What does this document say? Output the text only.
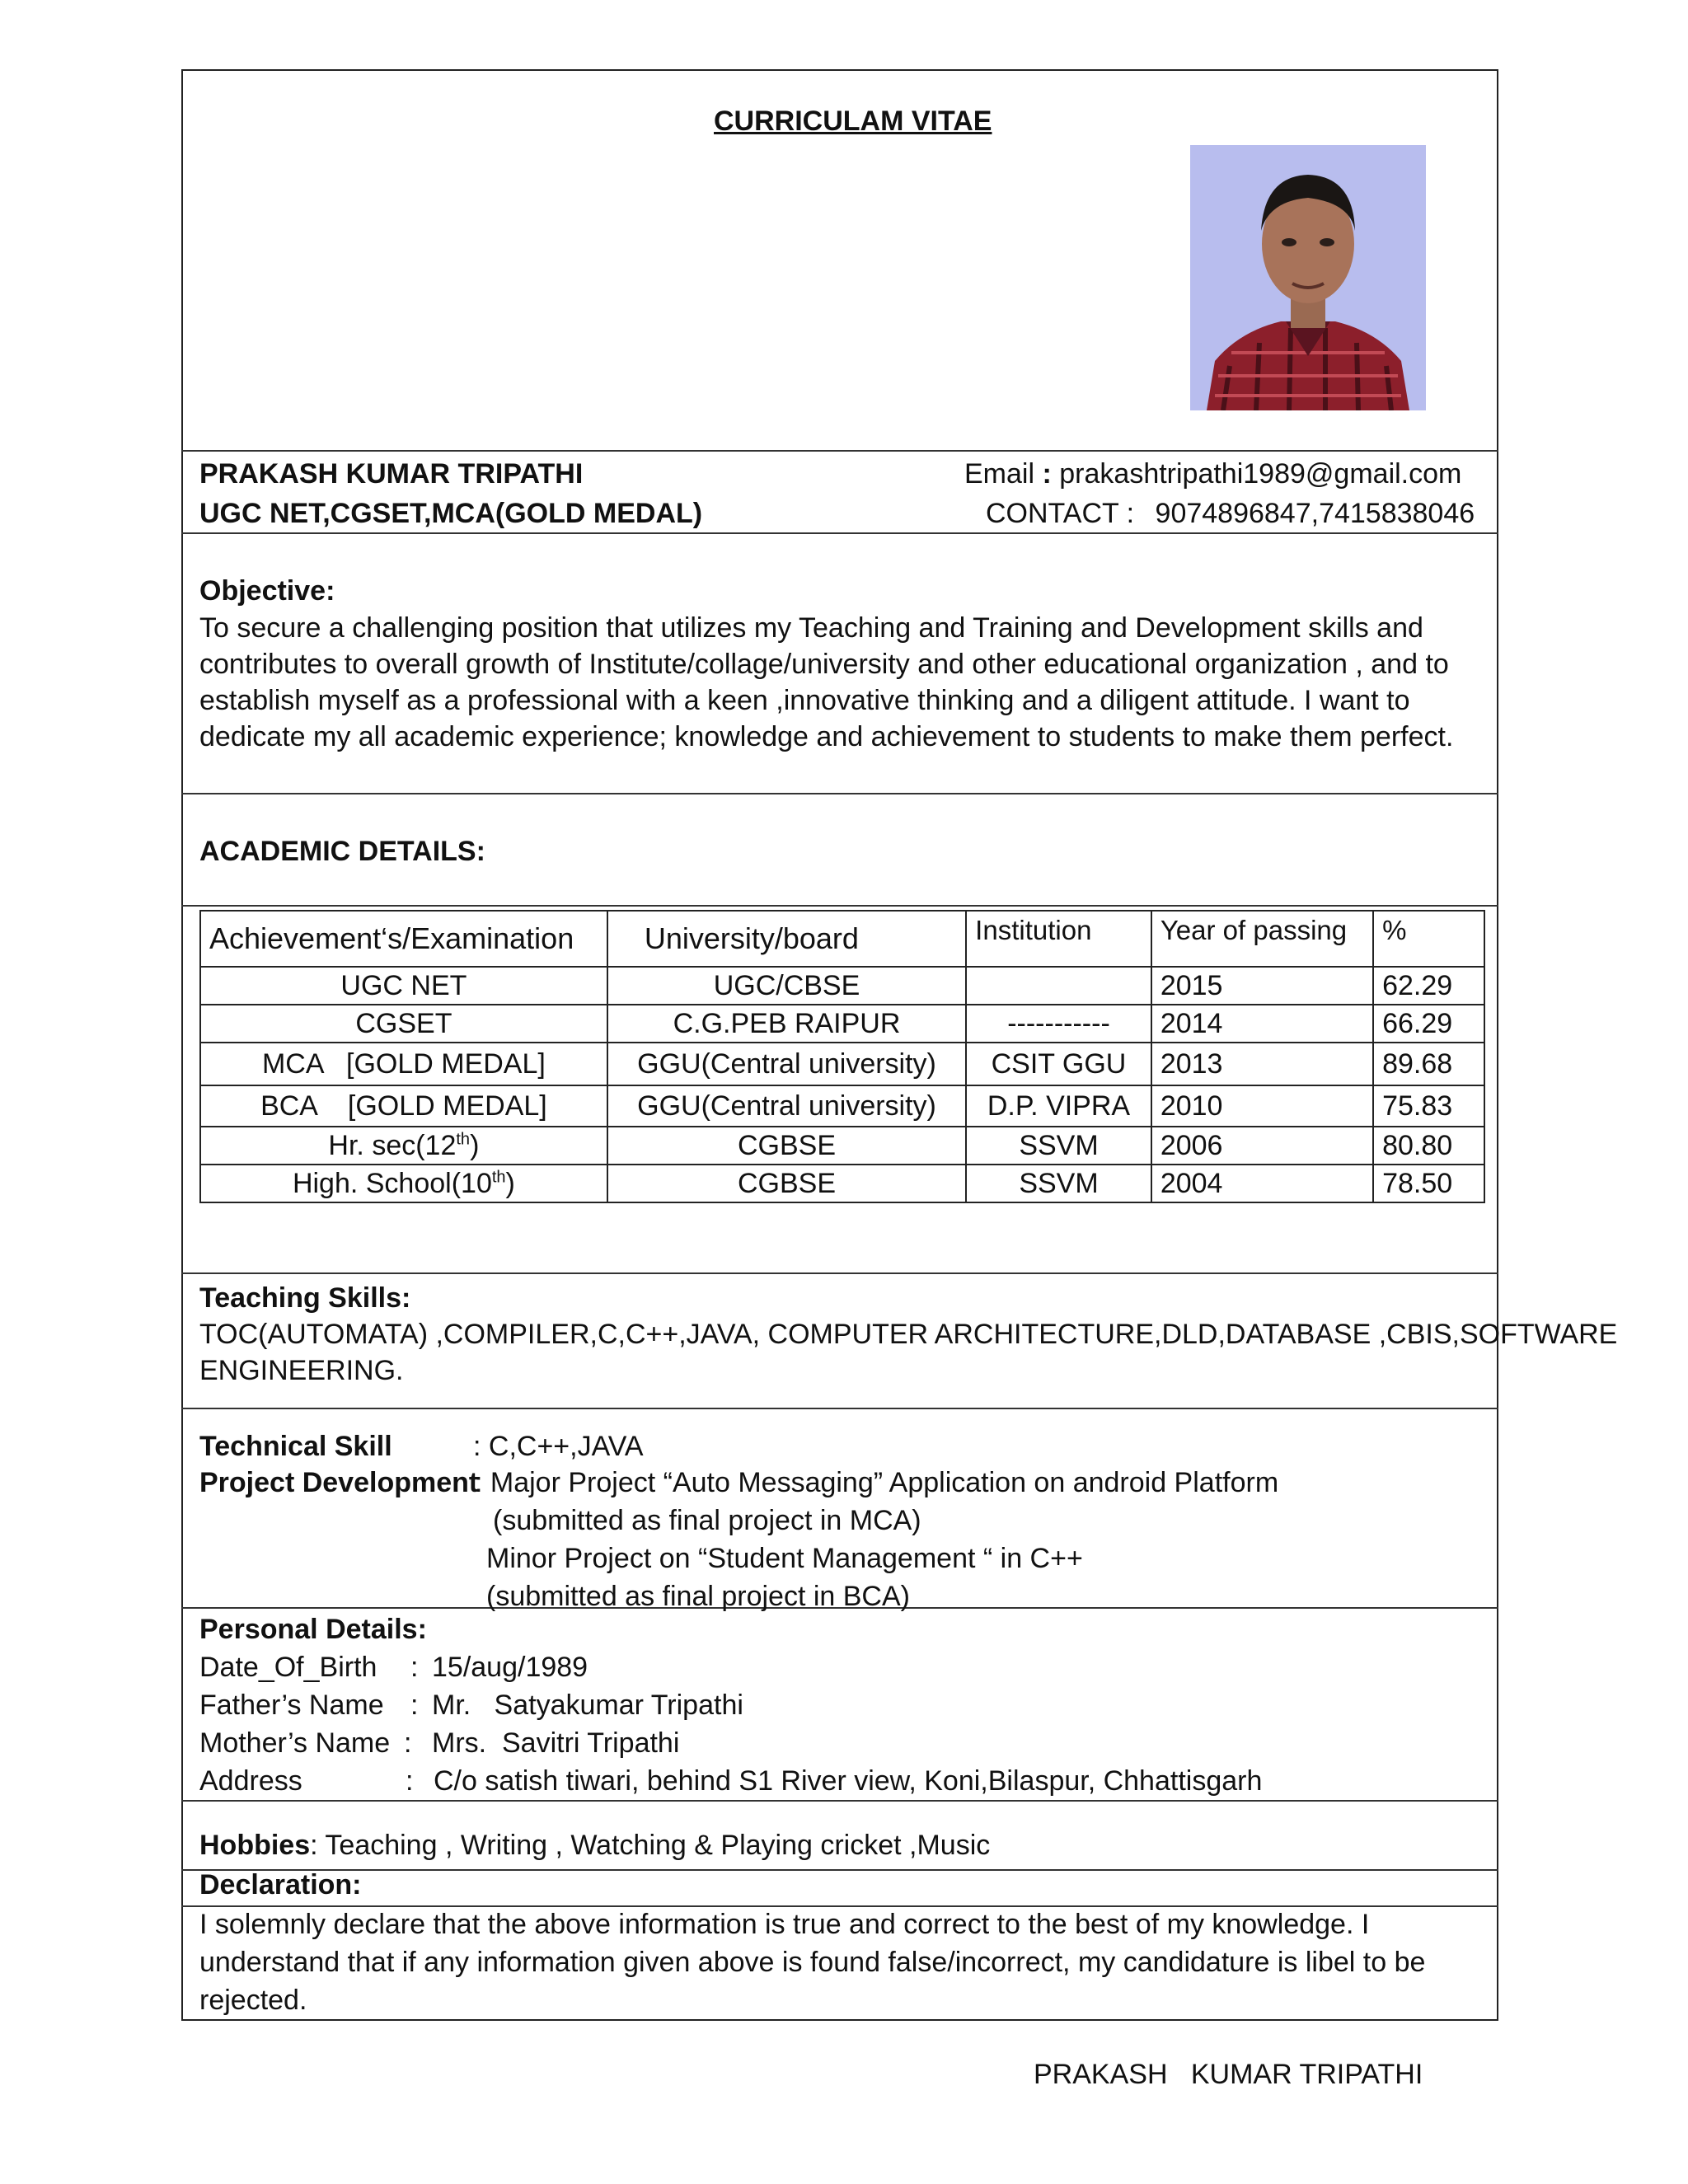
CURRICULAM VITAE
PRAKASH KUMAR TRIPATHI
UGC NET,CGSET,MCA(GOLD MEDAL)
Email : prakashtripathi1989@gmail.com
CONTACT : 9074896847,7415838046
Objective:
To secure a challenging position that utilizes my Teaching and Training and Development skills and
contributes to overall growth of Institute/collage/university and other educational organization , and to
establish myself as a professional with a keen ,innovative thinking and a diligent attitude. I want to
dedicate my all academic experience; knowledge and achievement to students to make them perfect.
ACADEMIC DETAILS:
Achievement‘s/Examination	University/board	Institution	Year of passing	%
UGC NET	UGC/CBSE		2015	62.29
CGSET	C.G.PEB RAIPUR	-----------	2014	66.29
MCA   [GOLD MEDAL]	GGU(Central university)	CSIT GGU	2013	89.68
BCA    [GOLD MEDAL]	GGU(Central university)	D.P. VIPRA	2010	75.83
Hr. sec(12th)	CGBSE	SSVM	2006	80.80
High. School(10th)	CGBSE	SSVM	2004	78.50
Teaching Skills:
TOC(AUTOMATA) ,COMPILER,C,C++,JAVA, COMPUTER ARCHITECTURE,DLD,DATABASE ,CBIS,SOFTWARE
ENGINEERING.
Technical Skill	: C,C++,JAVA
Project Development
: Major Project “Auto Messaging” Application on android Platform
(submitted as final project in MCA)
Minor Project on “Student Management “ in C++
(submitted as final project in BCA)
Personal Details:
Date_Of_Birth : 15/aug/1989
Father’s Name : Mr.   Satyakumar Tripathi
Mother’s Name : Mrs.  Savitri Tripathi
Address	: C/o satish tiwari, behind S1 River view, Koni,Bilaspur, Chhattisgarh
Hobbies: Teaching , Writing , Watching & Playing cricket ,Music
Declaration:
I solemnly declare that the above information is true and correct to the best of my knowledge. I
understand that if any information given above is found false/incorrect, my candidature is libel to be
rejected.
PRAKASH   KUMAR TRIPATHI
